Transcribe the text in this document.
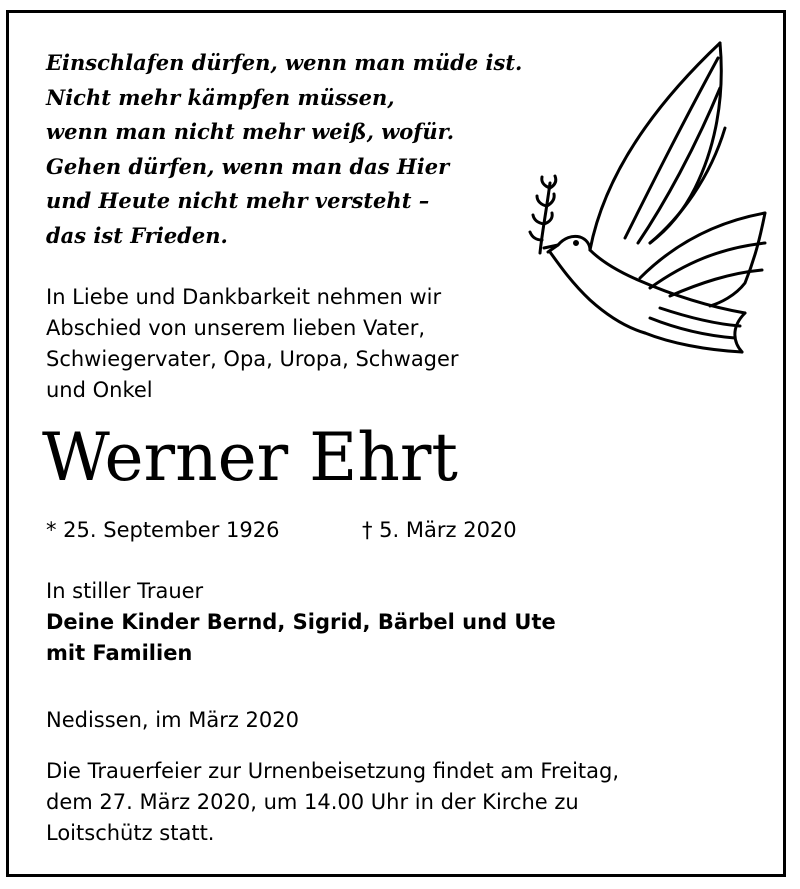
Einschlafen dürfen, wenn man müde ist.
Nicht mehr kämpfen müssen,
wenn man nicht mehr weiß, wofür.
Gehen dürfen, wenn man das Hier
und Heute nicht mehr versteht –
das ist Frieden.
In Liebe und Dankbarkeit nehmen wir
Abschied von unserem lieben Vater,
Schwiegervater, Opa, Uropa, Schwager
und Onkel
Werner Ehrt
* 25. September 1926	† 5. März 2020
In stiller Trauer
Deine Kinder Bernd, Sigrid, Bärbel und Ute
mit Familien
Nedissen, im März 2020
Die Trauerfeier zur Urnenbeisetzung findet am Freitag,
dem 27. März 2020, um 14.00 Uhr in der Kirche zu
Loitschütz statt.
